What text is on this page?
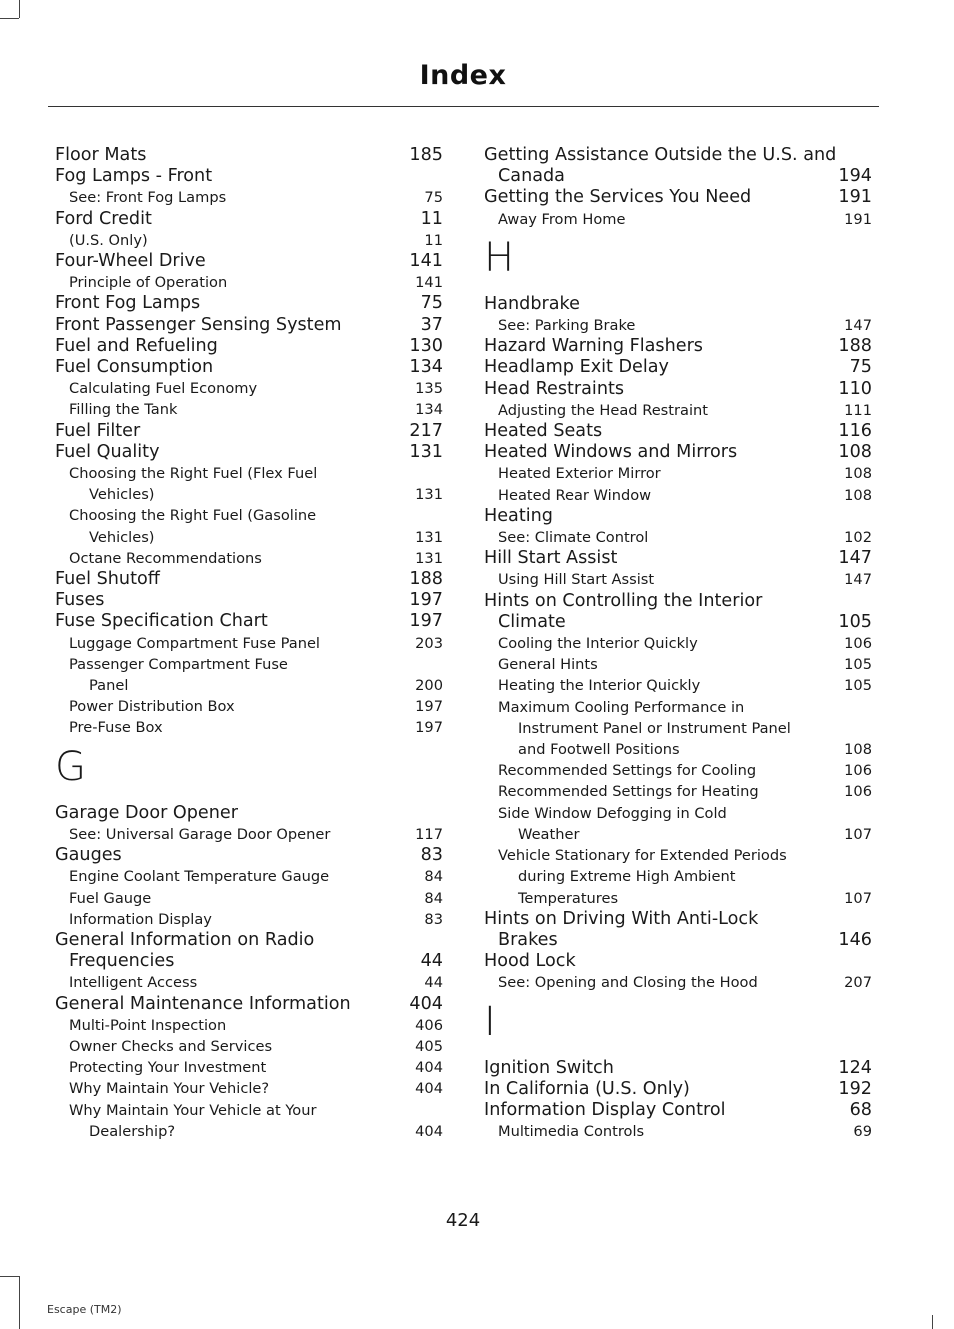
Index
Floor Mats	185
Fog Lamps - Front
See: Front Fog Lamps	75
Ford Credit	11
(U.S. Only)	11
Four-Wheel Drive	141
Principle of Operation	141
Front Fog Lamps	75
Front Passenger Sensing System	37
Fuel and Refueling	130
Fuel Consumption	134
Calculating Fuel Economy	135
Filling the Tank	134
Fuel Filter	217
Fuel Quality	131
Choosing the Right Fuel (Flex Fuel
Vehicles)	131
Choosing the Right Fuel (Gasoline
Vehicles)	131
Octane Recommendations	131
Fuel Shutoff	188
Fuses	197
Fuse Specification Chart	197
Luggage Compartment Fuse Panel	203
Passenger Compartment Fuse
Panel	200
Power Distribution Box	197
Pre-Fuse Box	197
G
Garage Door Opener
See: Universal Garage Door Opener	117
Gauges	83
Engine Coolant Temperature Gauge	84
Fuel Gauge	84
Information Display	83
General Information on Radio
Frequencies	44
Intelligent Access	44
General Maintenance Information	404
Multi-Point Inspection	406
Owner Checks and Services	405
Protecting Your Investment	404
Why Maintain Your Vehicle?	404
Why Maintain Your Vehicle at Your
Dealership?	404
Getting Assistance Outside the U.S. and
Canada	194
Getting the Services You Need	191
Away From Home	191
H
Handbrake
See: Parking Brake	147
Hazard Warning Flashers	188
Headlamp Exit Delay	75
Head Restraints	110
Adjusting the Head Restraint	111
Heated Seats	116
Heated Windows and Mirrors	108
Heated Exterior Mirror	108
Heated Rear Window	108
Heating
See: Climate Control	102
Hill Start Assist	147
Using Hill Start Assist	147
Hints on Controlling the Interior
Climate	105
Cooling the Interior Quickly	106
General Hints	105
Heating the Interior Quickly	105
Maximum Cooling Performance in
Instrument Panel or Instrument Panel
and Footwell Positions	108
Recommended Settings for Cooling	106
Recommended Settings for Heating	106
Side Window Defogging in Cold
Weather	107
Vehicle Stationary for Extended Periods
during Extreme High Ambient
Temperatures	107
Hints on Driving With Anti-Lock
Brakes	146
Hood Lock
See: Opening and Closing the Hood	207
I
Ignition Switch	124
In California (U.S. Only)	192
Information Display Control	68
Multimedia Controls	69
424
Escape (TM2)
